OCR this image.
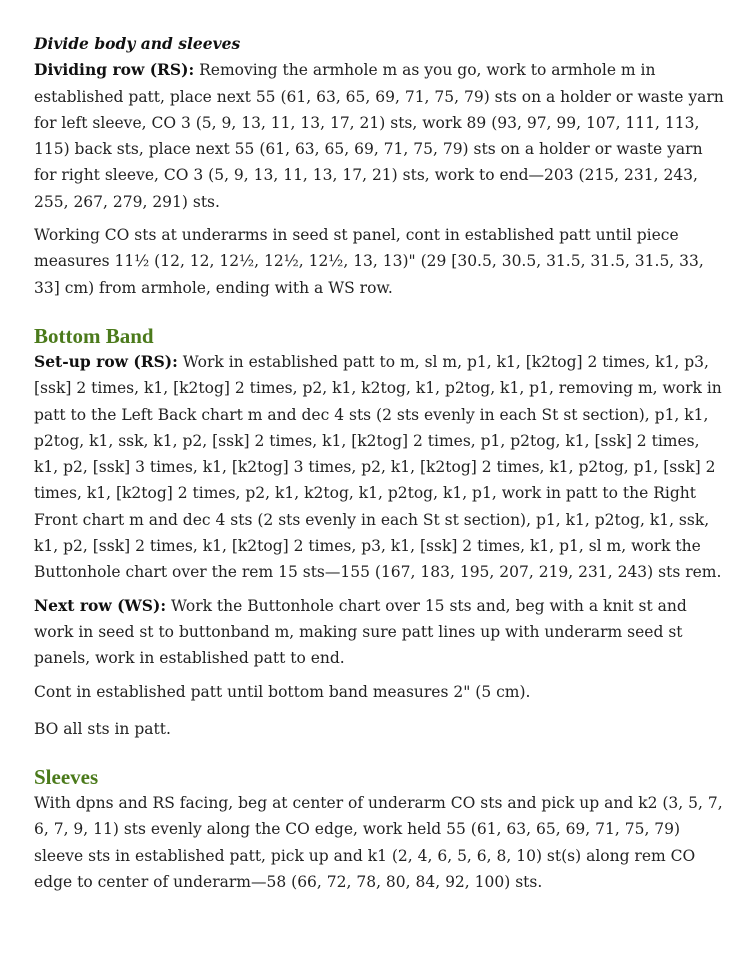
Divide body and sleeves

Dividing row (RS): Removing the armhole m as you go, work to armhole m in established patt, place next 55 (61, 63, 65, 69, 71, 75, 79) sts on a holder or waste yarn for left sleeve, CO 3 (5, 9, 13, 11, 13, 17, 21) sts, work 89 (93, 97, 99, 107, 111, 113, 115) back sts, place next 55 (61, 63, 65, 69, 71, 75, 79) sts on a holder or waste yarn for right sleeve, CO 3 (5, 9, 13, 11, 13, 17, 21) sts, work to end—203 (215, 231, 243, 255, 267, 279, 291) sts.

Working CO sts at underarms in seed st panel, cont in established patt until piece measures 11½ (12, 12, 12½, 12½, 12½, 13, 13)" (29 [30.5, 30.5, 31.5, 31.5, 31.5, 33, 33] cm) from armhole, ending with a WS row.

Bottom Band

Set-up row (RS): Work in established patt to m, sl m, p1, k1, [k2tog] 2 times, k1, p3, [ssk] 2 times, k1, [k2tog] 2 times, p2, k1, k2tog, k1, p2tog, k1, p1, removing m, work in patt to the Left Back chart m and dec 4 sts (2 sts evenly in each St st section), p1, k1, p2tog, k1, ssk, k1, p2, [ssk] 2 times, k1, [k2tog] 2 times, p1, p2tog, k1, [ssk] 2 times, k1, p2, [ssk] 3 times, k1, [k2tog] 3 times, p2, k1, [k2tog] 2 times, k1, p2tog, p1, [ssk] 2 times, k1, [k2tog] 2 times, p2, k1, k2tog, k1, p2tog, k1, p1, work in patt to the Right Front chart m and dec 4 sts (2 sts evenly in each St st section), p1, k1, p2tog, k1, ssk, k1, p2, [ssk] 2 times, k1, [k2tog] 2 times, p3, k1, [ssk] 2 times, k1, p1, sl m, work the Buttonhole chart over the rem 15 sts—155 (167, 183, 195, 207, 219, 231, 243) sts rem.

Next row (WS): Work the Buttonhole chart over 15 sts and, beg with a knit st and work in seed st to buttonband m, making sure patt lines up with underarm seed st panels, work in established patt to end.

Cont in established patt until bottom band measures 2" (5 cm).

BO all sts in patt.

Sleeves

With dpns and RS facing, beg at center of underarm CO sts and pick up and k2 (3, 5, 7, 6, 7, 9, 11) sts evenly along the CO edge, work held 55 (61, 63, 65, 69, 71, 75, 79) sleeve sts in established patt, pick up and k1 (2, 4, 6, 5, 6, 8, 10) st(s) along rem CO edge to center of underarm—58 (66, 72, 78, 80, 84, 92, 100) sts.
